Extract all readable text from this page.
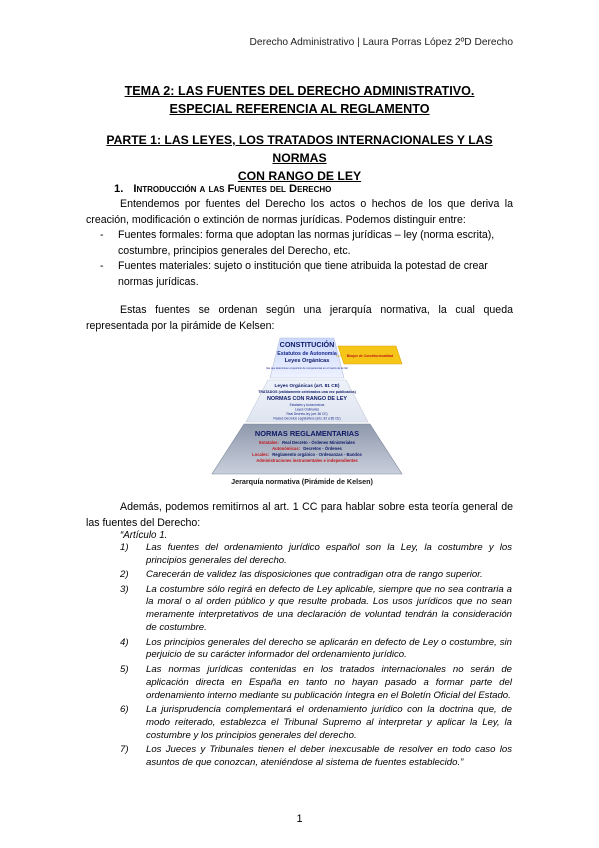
Derecho Administrativo | Laura Porras López 2ºD Derecho
TEMA 2: LAS FUENTES DEL DERECHO ADMINISTRATIVO.
ESPECIAL REFERENCIA AL REGLAMENTO
PARTE 1: LAS LEYES, LOS TRATADOS INTERNACIONALES Y LAS NORMAS
CON RANGO DE LEY
1. Introducción a las Fuentes del Derecho
Entendemos por fuentes del Derecho los actos o hechos de los que deriva la creación, modificación o extinción de normas jurídicas. Podemos distinguir entre:
- Fuentes formales: forma que adoptan las normas jurídicas – ley (norma escrita), costumbre, principios generales del Derecho, etc.
- Fuentes materiales: sujeto o institución que tiene atribuida la potestad de crear normas jurídicas.
Estas fuentes se ordenan según una jerarquía normativa, la cual queda representada por la pirámide de Kelsen:
CONSTITUCIÓN
Estatutos de Autonomía
Leyes Orgánicas
(las que determinen el ejercicio de competencias en el marco de la CE)
Bloque de Constitucionalidad
Leyes Orgánicas (art. 81 CE)
TRATADOS (válidamente celebrados una vez publicados)
NORMAS CON RANGO DE LEY
Estatales y Autonómicas
Leyes Ordinarias
Real Decreto-ley (art. 86 CE)
Reales Decretos Legislativos (arts. 82 a 85 CE)
NORMAS REGLAMENTARIAS
Estatales: Real Decreto - Órdenes Ministeriales
Autonómicas: Decretos - Órdenes
Locales: Reglamento orgánico - Ordenanzas - Bandos
Administraciones instrumentales e independientes
Jerarquía normativa (Pirámide de Kelsen)
Además, podemos remitirnos al art. 1 CC para hablar sobre esta teoría general de las fuentes del Derecho:
“Artículo 1.
1) Las fuentes del ordenamiento jurídico español son la Ley, la costumbre y los principios generales del derecho.
2) Carecerán de validez las disposiciones que contradigan otra de rango superior.
3) La costumbre sólo regirá en defecto de Ley aplicable, siempre que no sea contraria a la moral o al orden público y que resulte probada. Los usos jurídicos que no sean meramente interpretativos de una declaración de voluntad tendrán la consideración de costumbre.
4) Los principios generales del derecho se aplicarán en defecto de Ley o costumbre, sin perjuicio de su carácter informador del ordenamiento jurídico.
5) Las normas jurídicas contenidas en los tratados internacionales no serán de aplicación directa en España en tanto no hayan pasado a formar parte del ordenamiento interno mediante su publicación íntegra en el Boletín Oficial del Estado.
6) La jurisprudencia complementará el ordenamiento jurídico con la doctrina que, de modo reiterado, establezca el Tribunal Supremo al interpretar y aplicar la Ley, la costumbre y los principios generales del derecho.
7) Los Jueces y Tribunales tienen el deber inexcusable de resolver en todo caso los asuntos de que conozcan, ateniéndose al sistema de fuentes establecido.”
1
